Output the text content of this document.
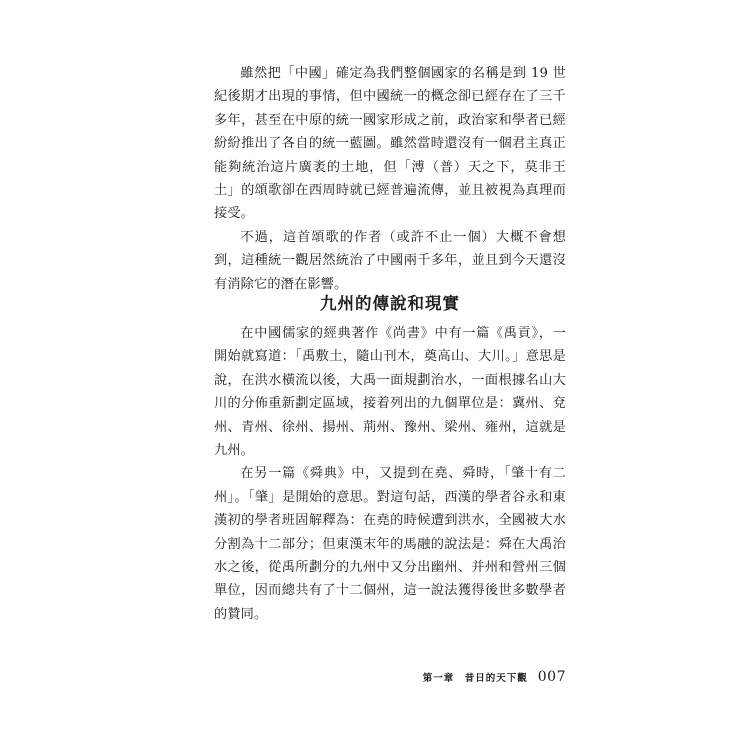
雖然把「中國」確定為我們整個國家的名稱是到 19 世紀後期才出現的事情，但中國統一的概念卻已經存在了三千多年，甚至在中原的統一國家形成之前，政治家和學者已經紛紛推出了各自的統一藍圖。雖然當時還沒有一個君主真正能夠統治這片廣袤的土地，但「溥（普）天之下，莫非王土」的頌歌卻在西周時就已經普遍流傳，並且被視為真理而接受。

不過，這首頌歌的作者（或許不止一個）大概不會想到，這種統一觀居然統治了中國兩千多年，並且到今天還沒有消除它的潛在影響。

九州的傳說和現實

在中國儒家的經典著作《尚書》中有一篇《禹貢》，一開始就寫道：「禹敷土，隨山刊木，奠高山、大川。」意思是說，在洪水橫流以後，大禹一面規劃治水，一面根據名山大川的分佈重新劃定區域，接着列出的九個單位是：冀州、兗州、青州、徐州、揚州、荊州、豫州、梁州、雍州，這就是九州。

在另一篇《舜典》中，又提到在堯、舜時，「肇十有二州」。「肇」是開始的意思。對這句話，西漢的學者谷永和東漢初的學者班固解釋為：在堯的時候遭到洪水，全國被大水分割為十二部分；但東漢末年的馬融的說法是：舜在大禹治水之後，從禹所劃分的九州中又分出幽州、并州和營州三個單位，因而總共有了十二個州，這一說法獲得後世多數學者的贊同。

第一章　昔日的天下觀 007
